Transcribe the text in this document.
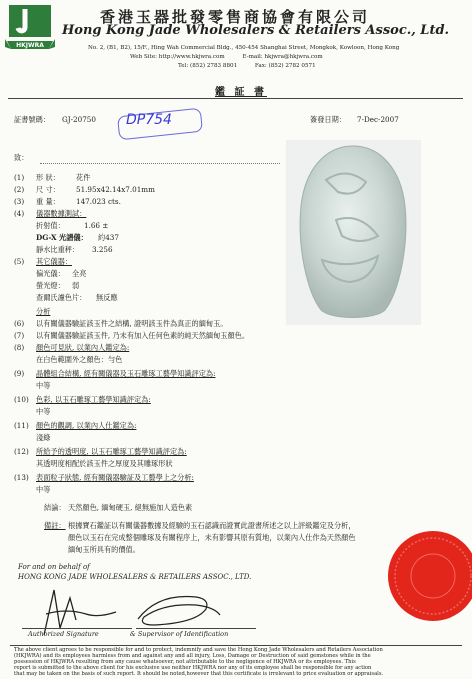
HKJWRA
香港玉器批發零售商協會有限公司
Hong Kong Jade Wholesalers & Retailers Assoc., Ltd.
No. 2, (B1, B2), 15/F., Hing Wah Commercial Bldg., 450-454 Shanghai Street, Mongkok, Kowloon, Hong Kong
Web Site: http://www.hkjwra.com          E-mail: hkjwra@hkjwra.com
Tel: (852) 2783 8801          Fax: (852) 2782 0571
鑑 証 書
証書號碼： GJ-20750 DP754	簽發日期： 7-Dec-2007
致：
(1) 形 狀： 花件
(2) 尺 寸： 51.95x42.14x7.01mm
(3) 重 量： 147.023 cts.
(4) 儀器數據測試：
折射值：	1.66 ±
DG-X 光譜儀： 約437
靜水比重秤： 3.256
(5) 其它儀器：
偏光儀： 全亮
螢光燈： 弱
查爾氏濾色片： 無反應
分析
(6) 以有關儀器驗証該玉件之結構, 證明該玉件為真正的緬甸玉。
(7) 以有關儀器驗証該玉件, 乃未有加入任何色素的純天然緬甸玉顏色。
(8) 顏色可見狀, 以業內人鑑定為:
在白色範圍外之顏色：勻色
(9) 晶體組合結構, 經有關儀器及玉石雕琢工藝學知識評定為:
中等
(10) 色彩, 以玉石雕琢工藝學知識評定為:
中等
(11) 顏色的觀調, 以業內人仕鑑定為:
淺綠
(12) 所給予的透明度, 以玉石雕琢工藝學知識評定為:
其透明度相配於該玉件之厚度及其雕琢形狀
(13) 表面粒子狀態, 經有關儀器驗証及工藝學上之分析:
中等
結論： 天然顏色, 緬甸硬玉, 絕無施加人造色素
備註： 根據寶石鑑証以有關儀器數據及經驗的玉石認識而證實此證書所述之以上評級鑑定及分析，
顏色以玉石在完成整個雕琢及有關程序上，未有影響其原有質地，以業內人仕作為天然顏色
緬甸玉所具有的價值。
For and on behalf of
HONG KONG JADE WHOLESALERS & RETAILERS ASSOC., LTD.
Authorized Signature	& Supervisor of Identification
The above client agrees to be responsible for and to protect, indemnify and save the Hong Kong Jade Wholesalers and Retailers Association
(HKJWRA) and its employees harmless from and against any and all injury, Loss, Damage or Destruction of said gemstones while in the
possession of HKJWRA resulting from any cause whatsoever, not attributable to the negligence of HKJWRA or its employees. This
report is submitted to the above client for his exclusive use neither HKJWRA nor any of its employee shall be responsible for any action
that may be taken on the basis of such report. It should be noted,however that this certificate is irrelevant to price evaluation or appraisals.
